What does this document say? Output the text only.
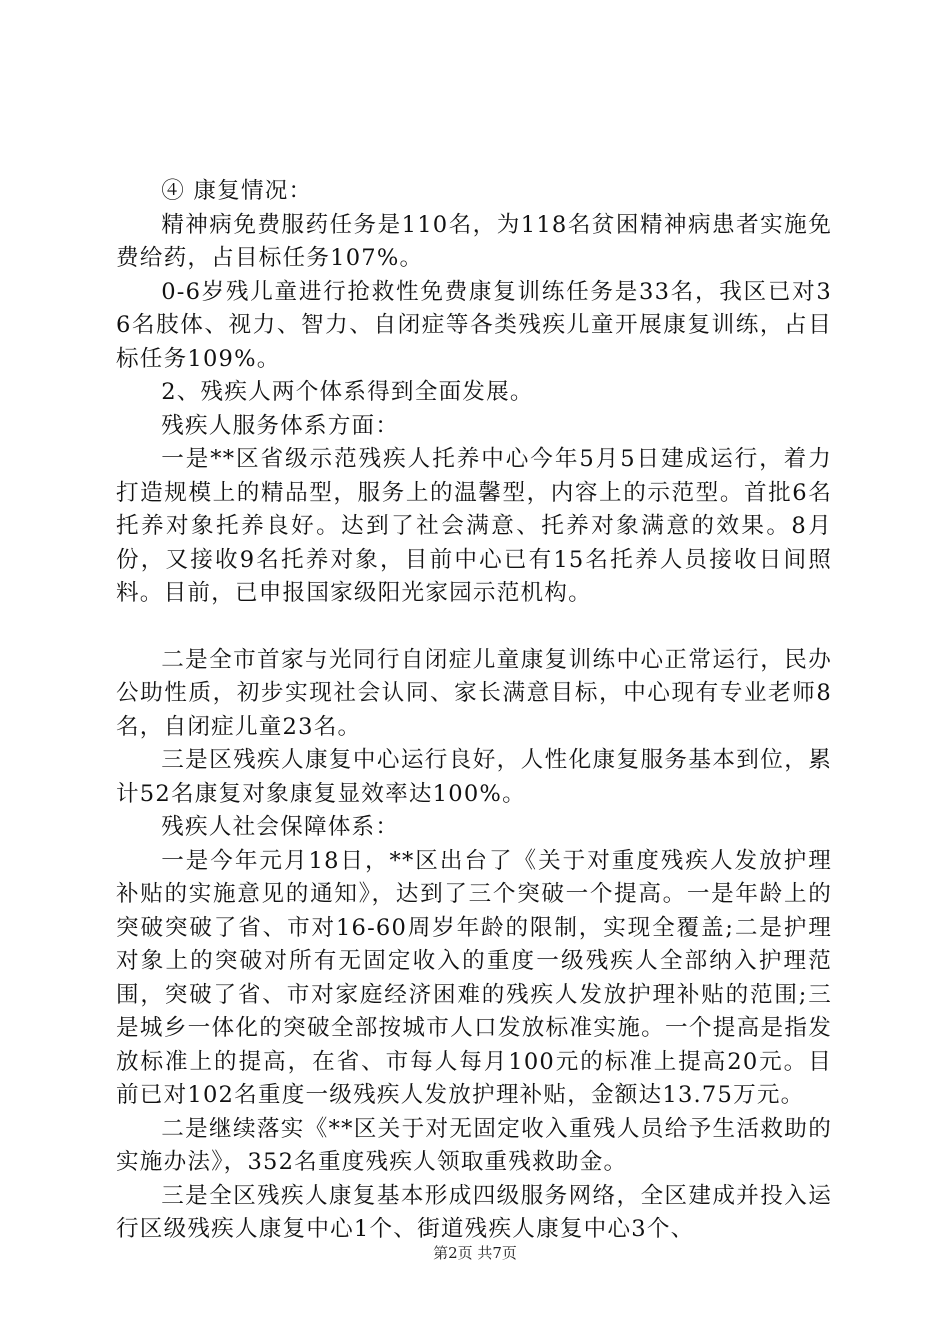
④ 康复情况：

精神病免费服药任务是110名，为118名贫困精神病患者实施免费给药，占目标任务107%。

0-6岁残儿童进行抢救性免费康复训练任务是33名，我区已对36名肢体、视力、智力、自闭症等各类残疾儿童开展康复训练，占目标任务109%。

2、残疾人两个体系得到全面发展。

残疾人服务体系方面：

一是**区省级示范残疾人托养中心今年5月5日建成运行，着力打造规模上的精品型，服务上的温馨型，内容上的示范型。首批6名托养对象托养良好。达到了社会满意、托养对象满意的效果。8月份，又接收9名托养对象，目前中心已有15名托养人员接收日间照料。目前，已申报国家级阳光家园示范机构。

二是全市首家与光同行自闭症儿童康复训练中心正常运行，民办公助性质，初步实现社会认同、家长满意目标，中心现有专业老师8名，自闭症儿童23名。

三是区残疾人康复中心运行良好，人性化康复服务基本到位，累计52名康复对象康复显效率达100%。

残疾人社会保障体系：

一是今年元月18日，**区出台了《关于对重度残疾人发放护理补贴的实施意见的通知》，达到了三个突破一个提高。一是年龄上的突破突破了省、市对16-60周岁年龄的限制，实现全覆盖;二是护理对象上的突破对所有无固定收入的重度一级残疾人全部纳入护理范围，突破了省、市对家庭经济困难的残疾人发放护理补贴的范围;三是城乡一体化的突破全部按城市人口发放标准实施。一个提高是指发放标准上的提高，在省、市每人每月100元的标准上提高20元。目前已对102名重度一级残疾人发放护理补贴，金额达13.75万元。

二是继续落实《**区关于对无固定收入重残人员给予生活救助的实施办法》，352名重度残疾人领取重残救助金。

三是全区残疾人康复基本形成四级服务网络，全区建成并投入运行区级残疾人康复中心1个、街道残疾人康复中心3个、

第2页 共7页
